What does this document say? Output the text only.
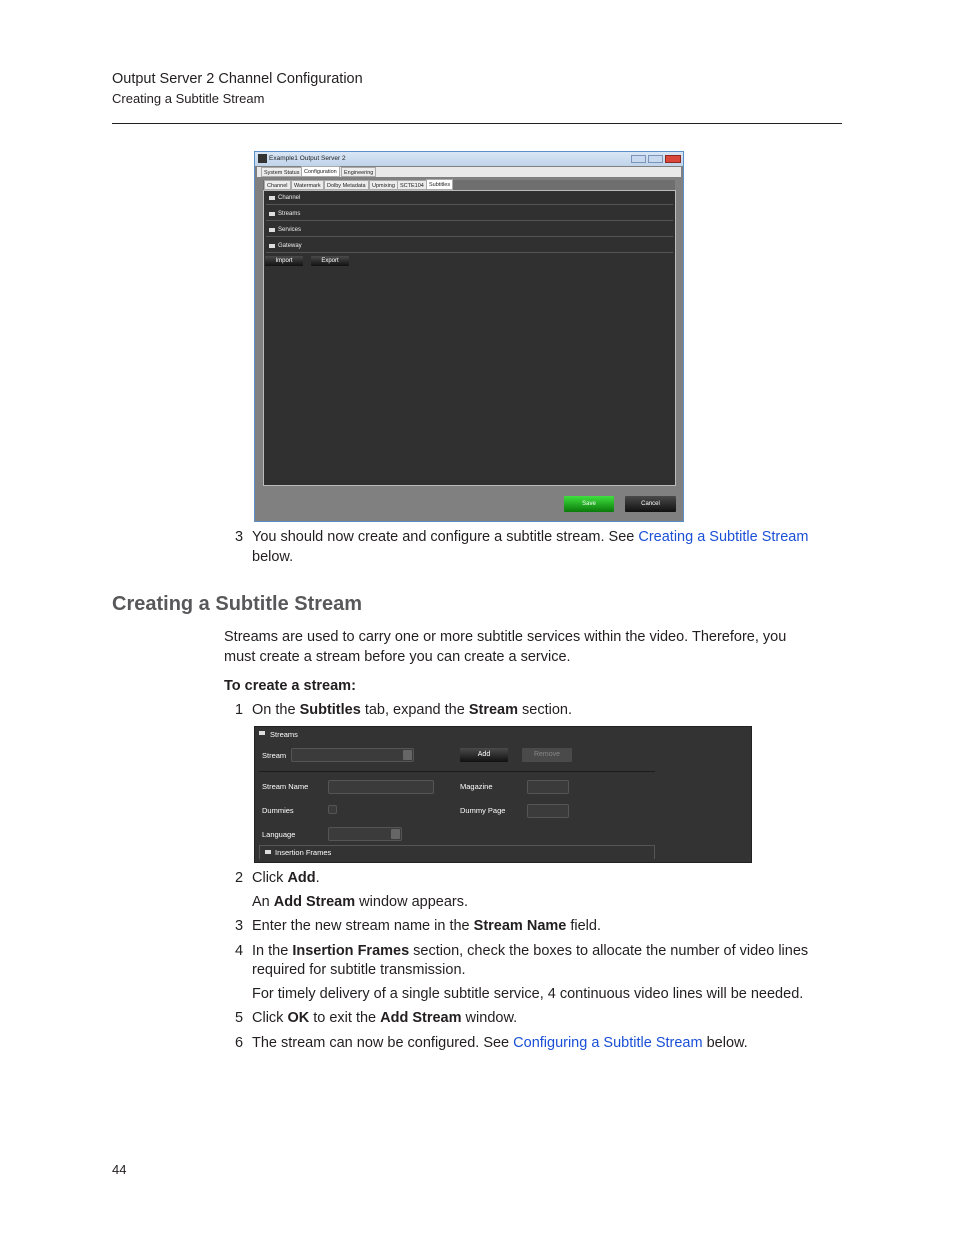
Output Server 2 Channel Configuration
Creating a Subtitle Stream
Example1 Output Server 2
System Status Configuration	Engineering
Channel	Watermark	Dolby Metadata	Upmixing SCTE104 Subtitles
Channel
Streams
Services
Gateway
Import	Export
Save	Cancel
3 You should now create and configure a subtitle stream. See Creating a Subtitle Stream
below.
Creating a Subtitle Stream
Streams are used to carry one or more subtitle services within the video. Therefore, you
must create a stream before you can create a service.
To create a stream:
1 On the Subtitles tab, expand the Stream section.
Streams
Stream	Add	Remove
Stream Name	Magazine
Dummies	Dummy Page
Language
Insertion Frames
2 Click Add.
An Add Stream window appears.
3 Enter the new stream name in the Stream Name field.
4 In the Insertion Frames section, check the boxes to allocate the number of video lines
required for subtitle transmission.
For timely delivery of a single subtitle service, 4 continuous video lines will be needed.
5 Click OK to exit the Add Stream window.
6 The stream can now be configured. See Configuring a Subtitle Stream below.
44
